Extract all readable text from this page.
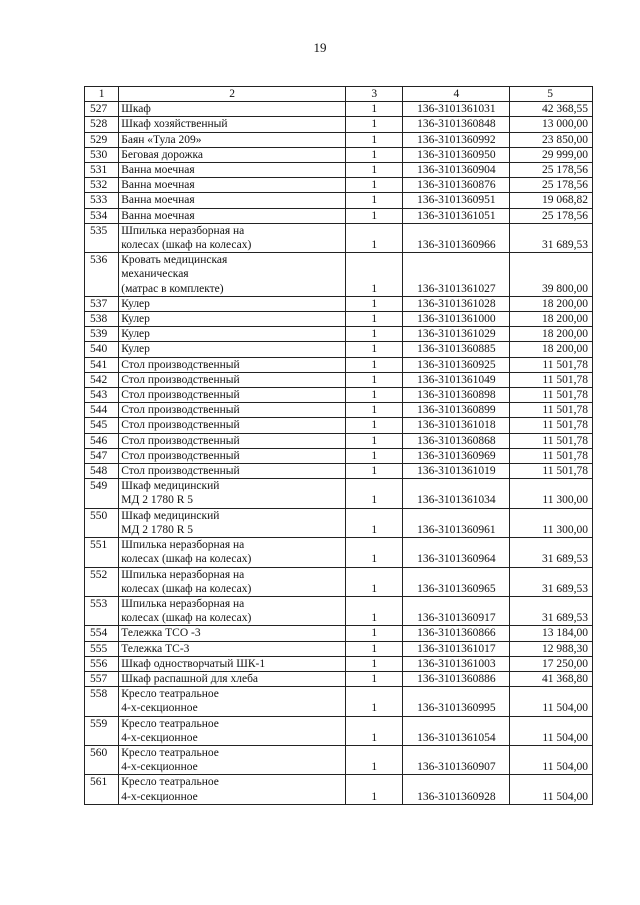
19
1	2	3	4	5
527	Шкаф	1	136-3101361031	42 368,55
528	Шкаф хозяйственный	1	136-3101360848	13 000,00
529	Баян «Тула 209»	1	136-3101360992	23 850,00
530	Беговая дорожка	1	136-3101360950	29 999,00
531	Ванна моечная	1	136-3101360904	25 178,56
532	Ванна моечная	1	136-3101360876	25 178,56
533	Ванна моечная	1	136-3101360951	19 068,82
534	Ванна моечная	1	136-3101361051	25 178,56
535	Шпилька неразборная на
колесах (шкаф на колесах)	1	136-3101360966	31 689,53
536	Кровать медицинская
механическая
(матрас в комплекте)	1	136-3101361027	39 800,00
537	Кулер	1	136-3101361028	18 200,00
538	Кулер	1	136-3101361000	18 200,00
539	Кулер	1	136-3101361029	18 200,00
540	Кулер	1	136-3101360885	18 200,00
541	Стол производственный	1	136-3101360925	11 501,78
542	Стол производственный	1	136-3101361049	11 501,78
543	Стол производственный	1	136-3101360898	11 501,78
544	Стол производственный	1	136-3101360899	11 501,78
545	Стол производственный	1	136-3101361018	11 501,78
546	Стол производственный	1	136-3101360868	11 501,78
547	Стол производственный	1	136-3101360969	11 501,78
548	Стол производственный	1	136-3101361019	11 501,78
549	Шкаф медицинский
МД 2 1780 R 5	1	136-3101361034	11 300,00
550	Шкаф медицинский
МД 2 1780 R 5	1	136-3101360961	11 300,00
551	Шпилька неразборная на
колесах (шкаф на колесах)	1	136-3101360964	31 689,53
552	Шпилька неразборная на
колесах (шкаф на колесах)	1	136-3101360965	31 689,53
553	Шпилька неразборная на
колесах (шкаф на колесах)	1	136-3101360917	31 689,53
554	Тележка ТСО -3	1	136-3101360866	13 184,00
555	Тележка ТС-3	1	136-3101361017	12 988,30
556	Шкаф одностворчатый ШК-1	1	136-3101361003	17 250,00
557	Шкаф распашной для хлеба	1	136-3101360886	41 368,80
558	Кресло театральное
4-х-секционное	1	136-3101360995	11 504,00
559	Кресло театральное
4-х-секционное	1	136-3101361054	11 504,00
560	Кресло театральное
4-х-секционное	1	136-3101360907	11 504,00
561	Кресло театральное
4-х-секционное	1	136-3101360928	11 504,00
